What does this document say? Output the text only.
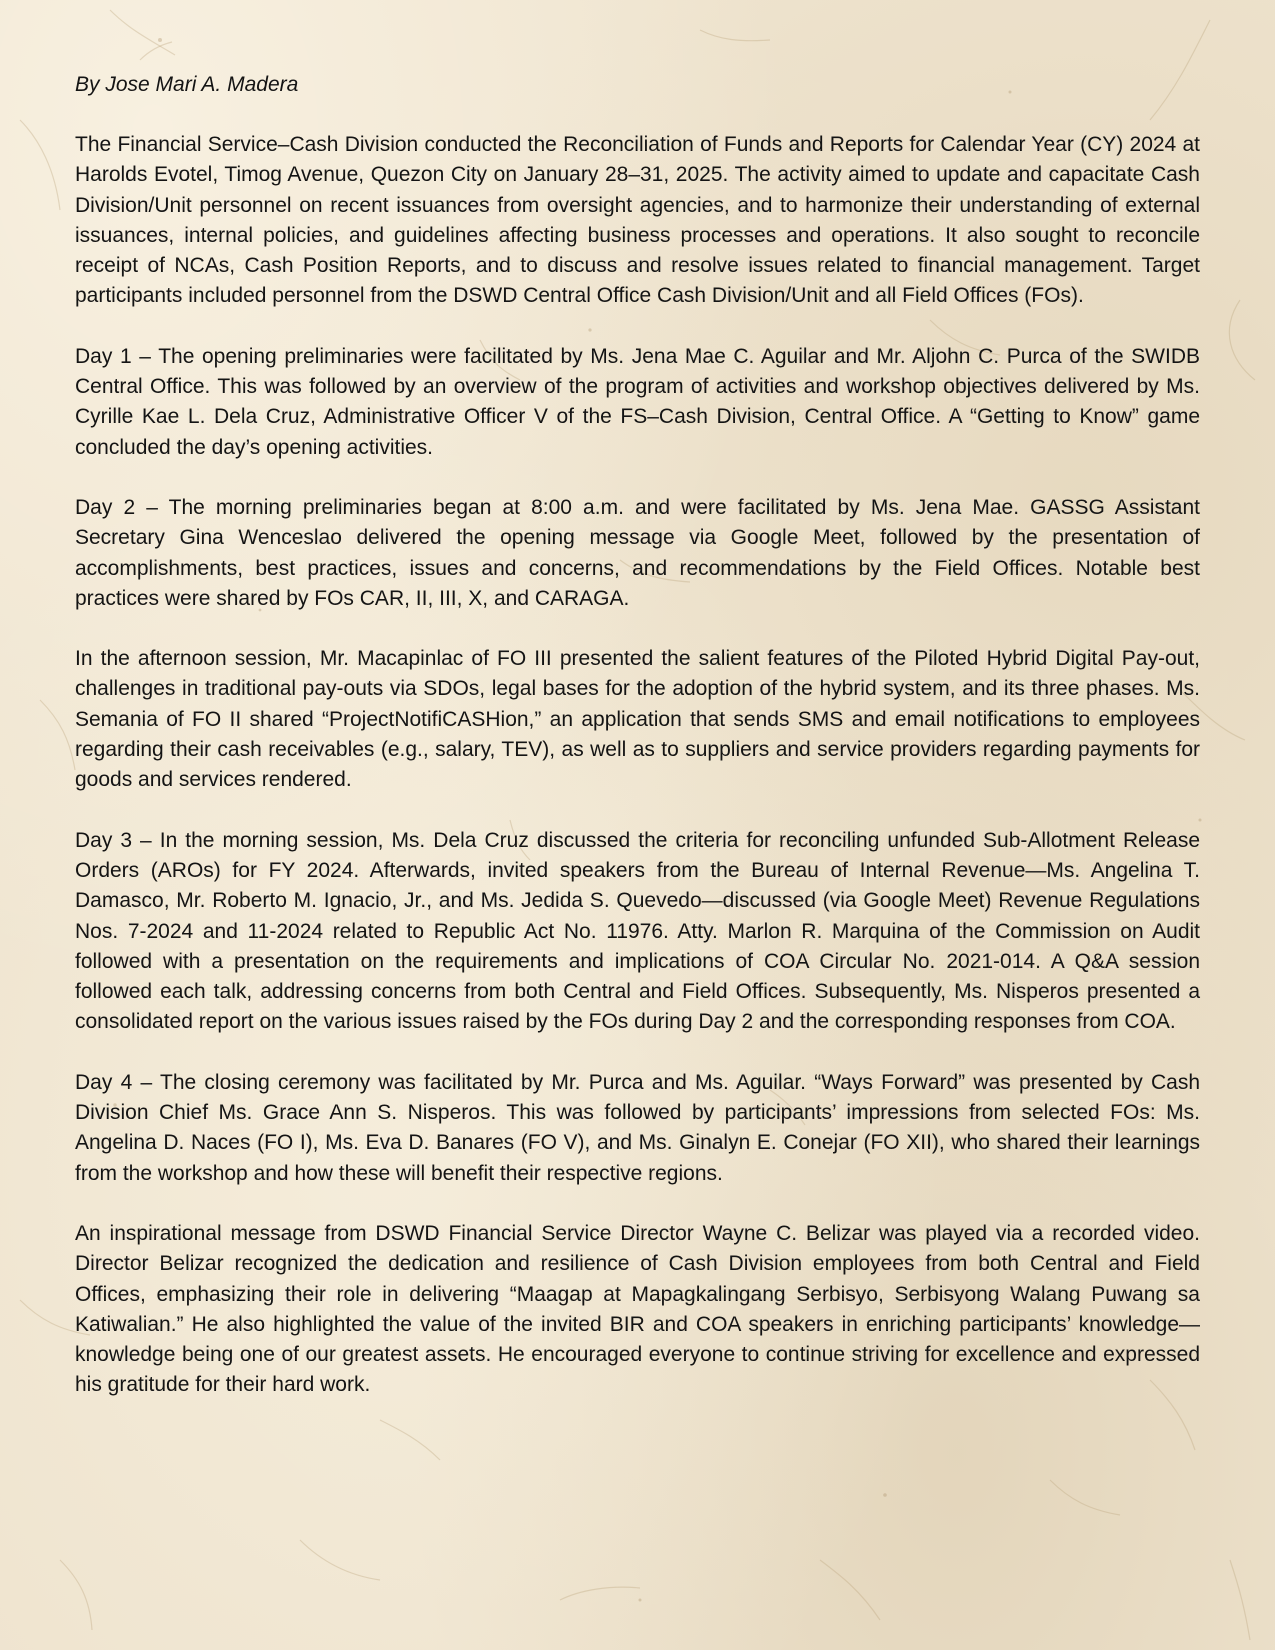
By Jose Mari A. Madera

The Financial Service–Cash Division conducted the Reconciliation of Funds and Reports for Calendar Year (CY) 2024 at Harolds Evotel, Timog Avenue, Quezon City on January 28–31, 2025. The activity aimed to update and capacitate Cash Division/Unit personnel on recent issuances from oversight agencies, and to harmonize their understanding of external issuances, internal policies, and guidelines affecting business processes and operations. It also sought to reconcile receipt of NCAs, Cash Position Reports, and to discuss and resolve issues related to financial management. Target participants included personnel from the DSWD Central Office Cash Division/Unit and all Field Offices (FOs).

Day 1 – The opening preliminaries were facilitated by Ms. Jena Mae C. Aguilar and Mr. Aljohn C. Purca of the SWIDB Central Office. This was followed by an overview of the program of activities and workshop objectives delivered by Ms. Cyrille Kae L. Dela Cruz, Administrative Officer V of the FS–Cash Division, Central Office. A “Getting to Know” game concluded the day’s opening activities.

Day 2 – The morning preliminaries began at 8:00 a.m. and were facilitated by Ms. Jena Mae. GASSG Assistant Secretary Gina Wenceslao delivered the opening message via Google Meet, followed by the presentation of accomplishments, best practices, issues and concerns, and recommendations by the Field Offices. Notable best practices were shared by FOs CAR, II, III, X, and CARAGA.

In the afternoon session, Mr. Macapinlac of FO III presented the salient features of the Piloted Hybrid Digital Pay-out, challenges in traditional pay-outs via SDOs, legal bases for the adoption of the hybrid system, and its three phases. Ms. Semania of FO II shared “ProjectNotifiCASHion,” an application that sends SMS and email notifications to employees regarding their cash receivables (e.g., salary, TEV), as well as to suppliers and service providers regarding payments for goods and services rendered.

Day 3 – In the morning session, Ms. Dela Cruz discussed the criteria for reconciling unfunded Sub-Allotment Release Orders (AROs) for FY 2024. Afterwards, invited speakers from the Bureau of Internal Revenue—Ms. Angelina T. Damasco, Mr. Roberto M. Ignacio, Jr., and Ms. Jedida S. Quevedo—discussed (via Google Meet) Revenue Regulations Nos. 7-2024 and 11-2024 related to Republic Act No. 11976. Atty. Marlon R. Marquina of the Commission on Audit followed with a presentation on the requirements and implications of COA Circular No. 2021-014. A Q&A session followed each talk, addressing concerns from both Central and Field Offices. Subsequently, Ms. Nisperos presented a consolidated report on the various issues raised by the FOs during Day 2 and the corresponding responses from COA.

Day 4 – The closing ceremony was facilitated by Mr. Purca and Ms. Aguilar. “Ways Forward” was presented by Cash Division Chief Ms. Grace Ann S. Nisperos. This was followed by participants’ impressions from selected FOs: Ms. Angelina D. Naces (FO I), Ms. Eva D. Banares (FO V), and Ms. Ginalyn E. Conejar (FO XII), who shared their learnings from the workshop and how these will benefit their respective regions.

An inspirational message from DSWD Financial Service Director Wayne C. Belizar was played via a recorded video. Director Belizar recognized the dedication and resilience of Cash Division employees from both Central and Field Offices, emphasizing their role in delivering “Maagap at Mapagkalingang Serbisyo, Serbisyong Walang Puwang sa Katiwalian.” He also highlighted the value of the invited BIR and COA speakers in enriching participants’ knowledge—knowledge being one of our greatest assets. He encouraged everyone to continue striving for excellence and expressed his gratitude for their hard work.
